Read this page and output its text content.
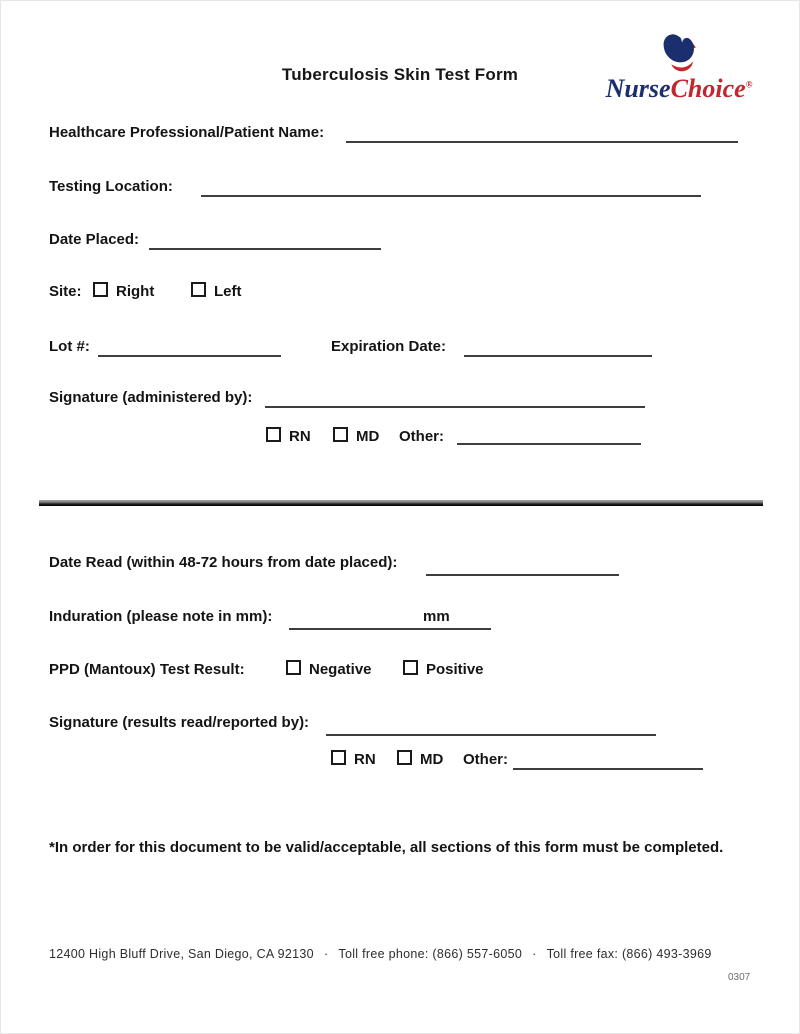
Tuberculosis Skin Test Form	NurseChoice®
Healthcare Professional/Patient Name:
Testing Location:
Date Placed:
Site: Right	Left
Lot #:	Expiration Date:
Signature (administered by):
RN	MD Other:
Date Read (within 48-72 hours from date placed):
Induration (please note in mm):	mm
PPD (Mantoux) Test Result:	Negative	Positive
Signature (results read/reported by):
RN	MD Other:
*In order for this document to be valid/acceptable, all sections of this form must be completed.
12400 High Bluff Drive, San Diego, CA 92130 · Toll free phone: (866) 557-6050 · Toll free fax: (866) 493-3969
0307
